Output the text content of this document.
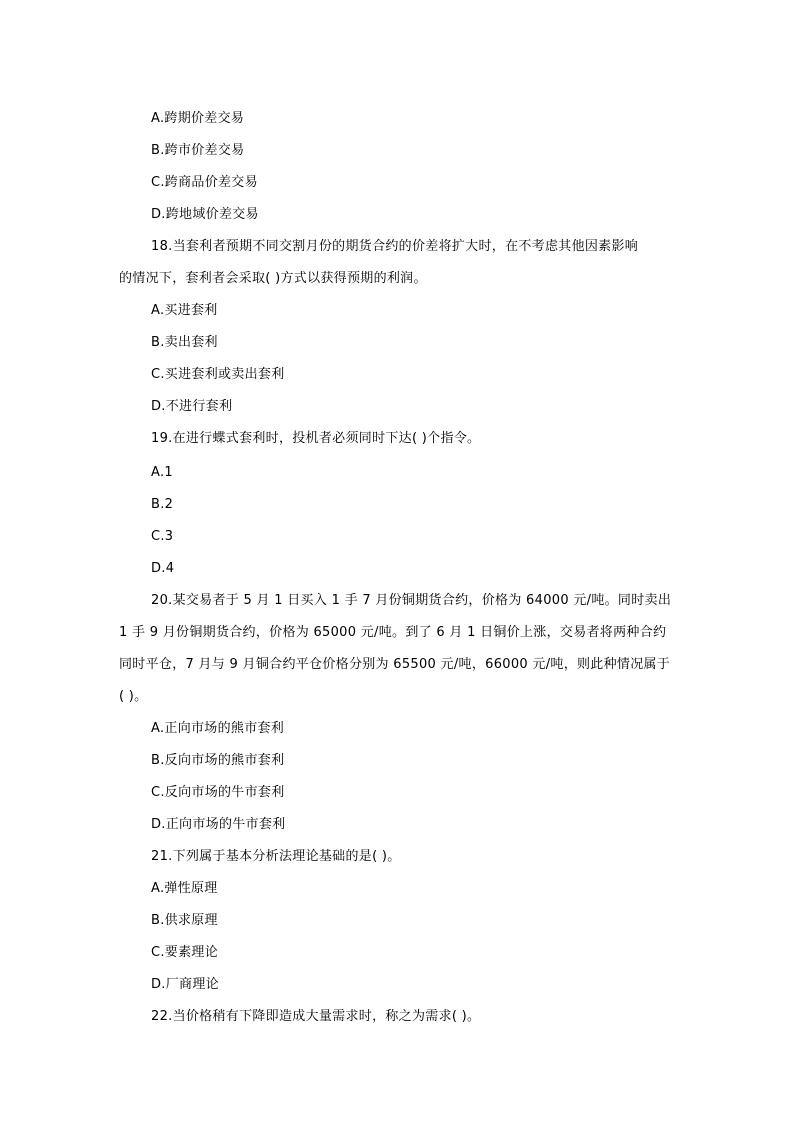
A.跨期价差交易
B.跨市价差交易
C.跨商品价差交易
D.跨地域价差交易
18.当套利者预期不同交割月份的期货合约的价差将扩大时，在不考虑其他因素影响
的情况下，套利者会采取( )方式以获得预期的利润。
A.买进套利
B.卖出套利
C.买进套利或卖出套利
D.不进行套利
19.在进行蝶式套利时，投机者必须同时下达( )个指令。
A.1
B.2
C.3
D.4
20.某交易者于 5 月 1 日买入 1 手 7 月份铜期货合约，价格为 64000 元/吨。同时卖出
1 手 9 月份铜期货合约，价格为 65000 元/吨。到了 6 月 1 日铜价上涨，交易者将两种合约
同时平仓，7 月与 9 月铜合约平仓价格分别为 65500 元/吨，66000 元/吨，则此种情况属于
( )。
A.正向市场的熊市套利
B.反向市场的熊市套利
C.反向市场的牛市套利
D.正向市场的牛市套利
21.下列属于基本分析法理论基础的是( )。
A.弹性原理
B.供求原理
C.要素理论
D.厂商理论
22.当价格稍有下降即造成大量需求时，称之为需求( )。
